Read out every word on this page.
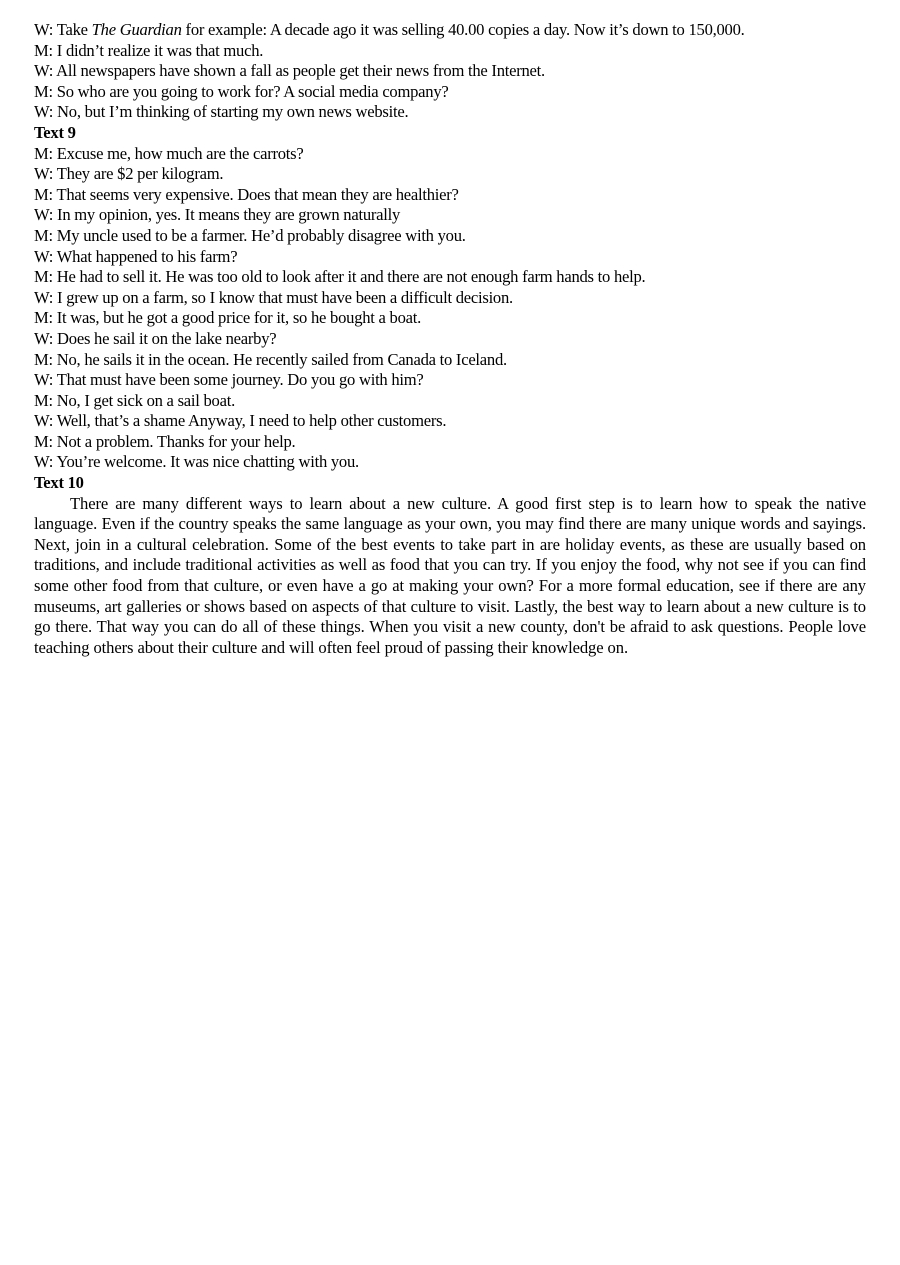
W: Take The Guardian for example: A decade ago it was selling 40.00 copies a day. Now it’s down to 150,000.

M: I didn’t realize it was that much.

W: All newspapers have shown a fall as people get their news from the Internet.

M: So who are you going to work for? A social media company?

W: No, but I’m thinking of starting my own news website.

Text 9

M: Excuse me, how much are the carrots?

W: They are $2 per kilogram.

M: That seems very expensive. Does that mean they are healthier?

W: In my opinion, yes. It means they are grown naturally

M: My uncle used to be a farmer. He’d probably disagree with you.

W: What happened to his farm?

M: He had to sell it. He was too old to look after it and there are not enough farm hands to help.

W: I grew up on a farm, so I know that must have been a difficult decision.

M: It was, but he got a good price for it, so he bought a boat.

W: Does he sail it on the lake nearby?

M: No, he sails it in the ocean. He recently sailed from Canada to Iceland.

W: That must have been some journey. Do you go with him?

M: No, I get sick on a sail boat.

W: Well, that’s a shame Anyway, I need to help other customers.

M: Not a problem. Thanks for your help.

W: You’re welcome. It was nice chatting with you.

Text 10

There are many different ways to learn about a new culture. A good first step is to learn how to speak the native language. Even if the country speaks the same language as your own, you may find there are many unique words and sayings. Next, join in a cultural celebration. Some of the best events to take part in are holiday events, as these are usually based on traditions, and include traditional activities as well as food that you can try. If you enjoy the food, why not see if you can find some other food from that culture, or even have a go at making your own? For a more formal education, see if there are any museums, art galleries or shows based on aspects of that culture to visit. Lastly, the best way to learn about a new culture is to go there. That way you can do all of these things. When you visit a new county, don't be afraid to ask questions. People love teaching others about their culture and will often feel proud of passing their knowledge on.
